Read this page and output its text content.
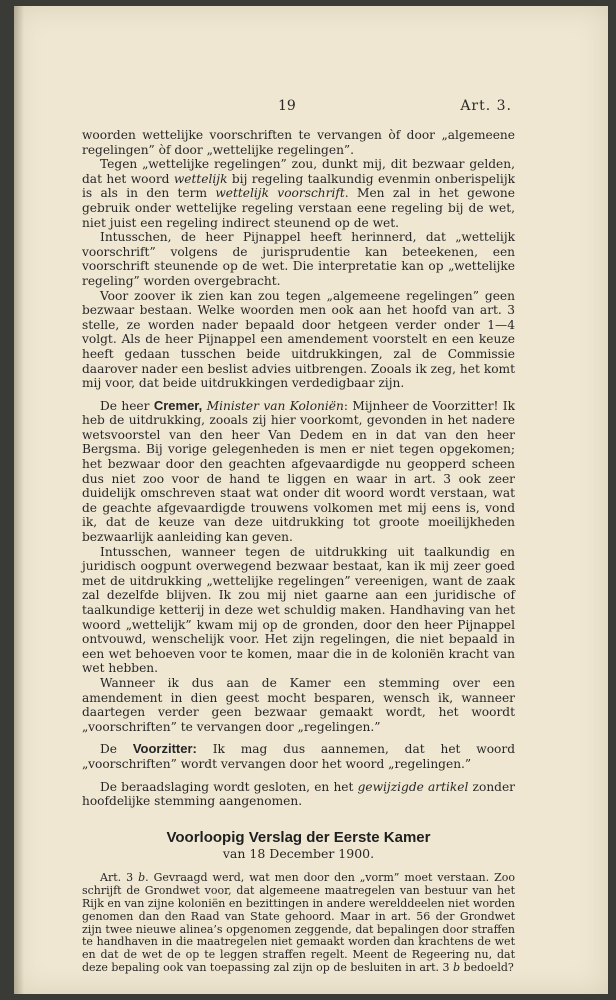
19	Art. 3.

woorden wettelijke voorschriften te vervangen òf door „algemeene regelingen” òf door „wettelijke regelingen”.

Tegen „wettelijke regelingen” zou, dunkt mij, dit bezwaar gelden, dat het woord wettelijk bij regeling taalkundig evenmin onberispelijk is als in den term wettelijk voorschrift. Men zal in het gewone gebruik onder wettelijke regeling verstaan eene regeling bij de wet, niet juist een regeling indirect steunend op de wet.

Intusschen, de heer Pijnappel heeft herinnerd, dat „wettelijk voorschrift” volgens de jurisprudentie kan beteekenen, een voorschrift steunende op de wet. Die interpretatie kan op „wettelijke regeling” worden overgebracht.

Voor zoover ik zien kan zou tegen „algemeene regelingen” geen bezwaar bestaan. Welke woorden men ook aan het hoofd van art. 3 stelle, ze worden nader bepaald door hetgeen verder onder 1—4 volgt. Als de heer Pijnappel een amendement voorstelt en een keuze heeft gedaan tusschen beide uitdrukkingen, zal de Commissie daarover nader een beslist advies uitbrengen. Zooals ik zeg, het komt mij voor, dat beide uitdrukkingen verdedigbaar zijn.

De heer Cremer, Minister van Koloniën: Mijnheer de Voorzitter! Ik heb de uitdrukking, zooals zij hier voorkomt, gevonden in het nadere wetsvoorstel van den heer Van Dedem en in dat van den heer Bergsma. Bij vorige gelegenheden is men er niet tegen opgekomen; het bezwaar door den geachten afgevaardigde nu geopperd scheen dus niet zoo voor de hand te liggen en waar in art. 3 ook zeer duidelijk omschreven staat wat onder dit woord wordt verstaan, wat de geachte afgevaardigde trouwens volkomen met mij eens is, vond ik, dat de keuze van deze uitdrukking tot groote moeilijkheden bezwaarlijk aanleiding kan geven.

Intusschen, wanneer tegen de uitdrukking uit taalkundig en juridisch oogpunt overwegend bezwaar bestaat, kan ik mij zeer goed met de uitdrukking „wettelijke regelingen” vereenigen, want de zaak zal dezelfde blijven. Ik zou mij niet gaarne aan een juridische of taalkundige ketterij in deze wet schuldig maken. Handhaving van het woord „wettelijk” kwam mij op de gronden, door den heer Pijnappel ontvouwd, wenschelijk voor. Het zijn regelingen, die niet bepaald in een wet behoeven voor te komen, maar die in de koloniën kracht van wet hebben.

Wanneer ik dus aan de Kamer een stemming over een amendement in dien geest mocht besparen, wensch ik, wanneer daartegen verder geen bezwaar gemaakt wordt, het woordt „voorschriften” te vervangen door „regelingen.”

De Voorzitter: Ik mag dus aannemen, dat het woord „voorschriften” wordt vervangen door het woord „regelingen.”

De beraadslaging wordt gesloten, en het gewijzigde artikel zonder hoofdelijke stemming aangenomen.

Voorloopig Verslag der Eerste Kamer
van 18 December 1900.

Art. 3 b. Gevraagd werd, wat men door den „vorm” moet verstaan. Zoo schrijft de Grondwet voor, dat algemeene maatregelen van bestuur van het Rijk en van zijne koloniën en bezittingen in andere werelddeelen niet worden genomen dan den Raad van State gehoord. Maar in art. 56 der Grondwet zijn twee nieuwe alinea’s opgenomen zeggende, dat bepalingen door straffen te handhaven in die maatregelen niet gemaakt worden dan krachtens de wet en dat de wet de op te leggen straffen regelt. Meent de Regeering nu, dat deze bepaling ook van toepassing zal zijn op de besluiten in art. 3 b bedoeld?
